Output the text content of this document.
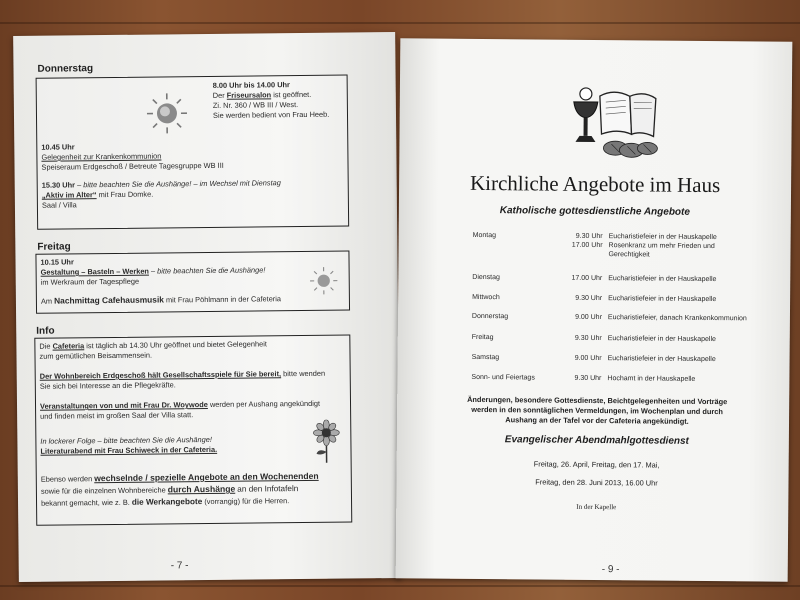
Donnerstag
8.00 Uhr bis 14.00 Uhr
Der Friseursalon ist geöffnet.
Zi. Nr. 360 / WB III / West.
Sie werden bedient von Frau Heeb.
10.45 Uhr
Gelegenheit zur Krankenkommunion
Speiseraum Erdgeschoß / Betreute Tagesgruppe WB III
15.30 Uhr – bitte beachten Sie die Aushänge! – im Wechsel mit Dienstag
„Aktiv im Alter“ mit Frau Domke.
Saal / Villa
Freitag
10.15 Uhr
Gestaltung – Basteln – Werken – bitte beachten Sie die Aushänge!
im Werkraum der Tagespflege
Am Nachmittag Cafehausmusik mit Frau Pöhlmann in der Cafeteria
Info
Die Cafeteria ist täglich ab 14.30 Uhr geöffnet und bietet Gelegenheit
zum gemütlichen Beisammensein.
Der Wohnbereich Erdgeschoß hält Gesellschaftsspiele für Sie bereit, bitte wenden
Sie sich bei Interesse an die Pflegekräfte.
Veranstaltungen von und mit Frau Dr. Woywode werden per Aushang angekündigt
und finden meist im großen Saal der Villa statt.
In lockerer Folge – bitte beachten Sie die Aushänge!
Literaturabend mit Frau Schiweck in der Cafeteria.
Ebenso werden wechselnde / spezielle Angebote an den Wochenenden
sowie für die einzelnen Wohnbereiche durch Aushänge an den Infotafeln
bekannt gemacht, wie z. B. die Werkangebote (vorrangig) für die Herren.
- 7 -
Kirchliche Angebote im Haus
Katholische gottesdienstliche Angebote
Montag	9.30 Uhr Eucharistiefeier in der Hauskapelle
17.00 Uhr Rosenkranz um mehr Frieden und Gerechtigkeit
Dienstag	17.00 Uhr Eucharistiefeier in der Hauskapelle
Mittwoch	9.30 Uhr Eucharistiefeier in der Hauskapelle
Donnerstag	9.00 Uhr Eucharistiefeier, danach Krankenkommunion
Freitag	9.30 Uhr Eucharistiefeier in der Hauskapelle
Samstag	9.00 Uhr Eucharistiefeier in der Hauskapelle
Sonn- und Feiertags	9.30 Uhr Hochamt in der Hauskapelle
Änderungen, besondere Gottesdienste, Beichtgelegenheiten und Vorträge
werden in den sonntäglichen Vermeldungen, im Wochenplan und durch
Aushang an der Tafel vor der Cafeteria angekündigt.
Evangelischer Abendmahlgottesdienst
Freitag, 26. April, Freitag, den 17. Mai,
Freitag, den 28. Juni 2013, 16.00 Uhr
In der Kapelle
- 9 -
